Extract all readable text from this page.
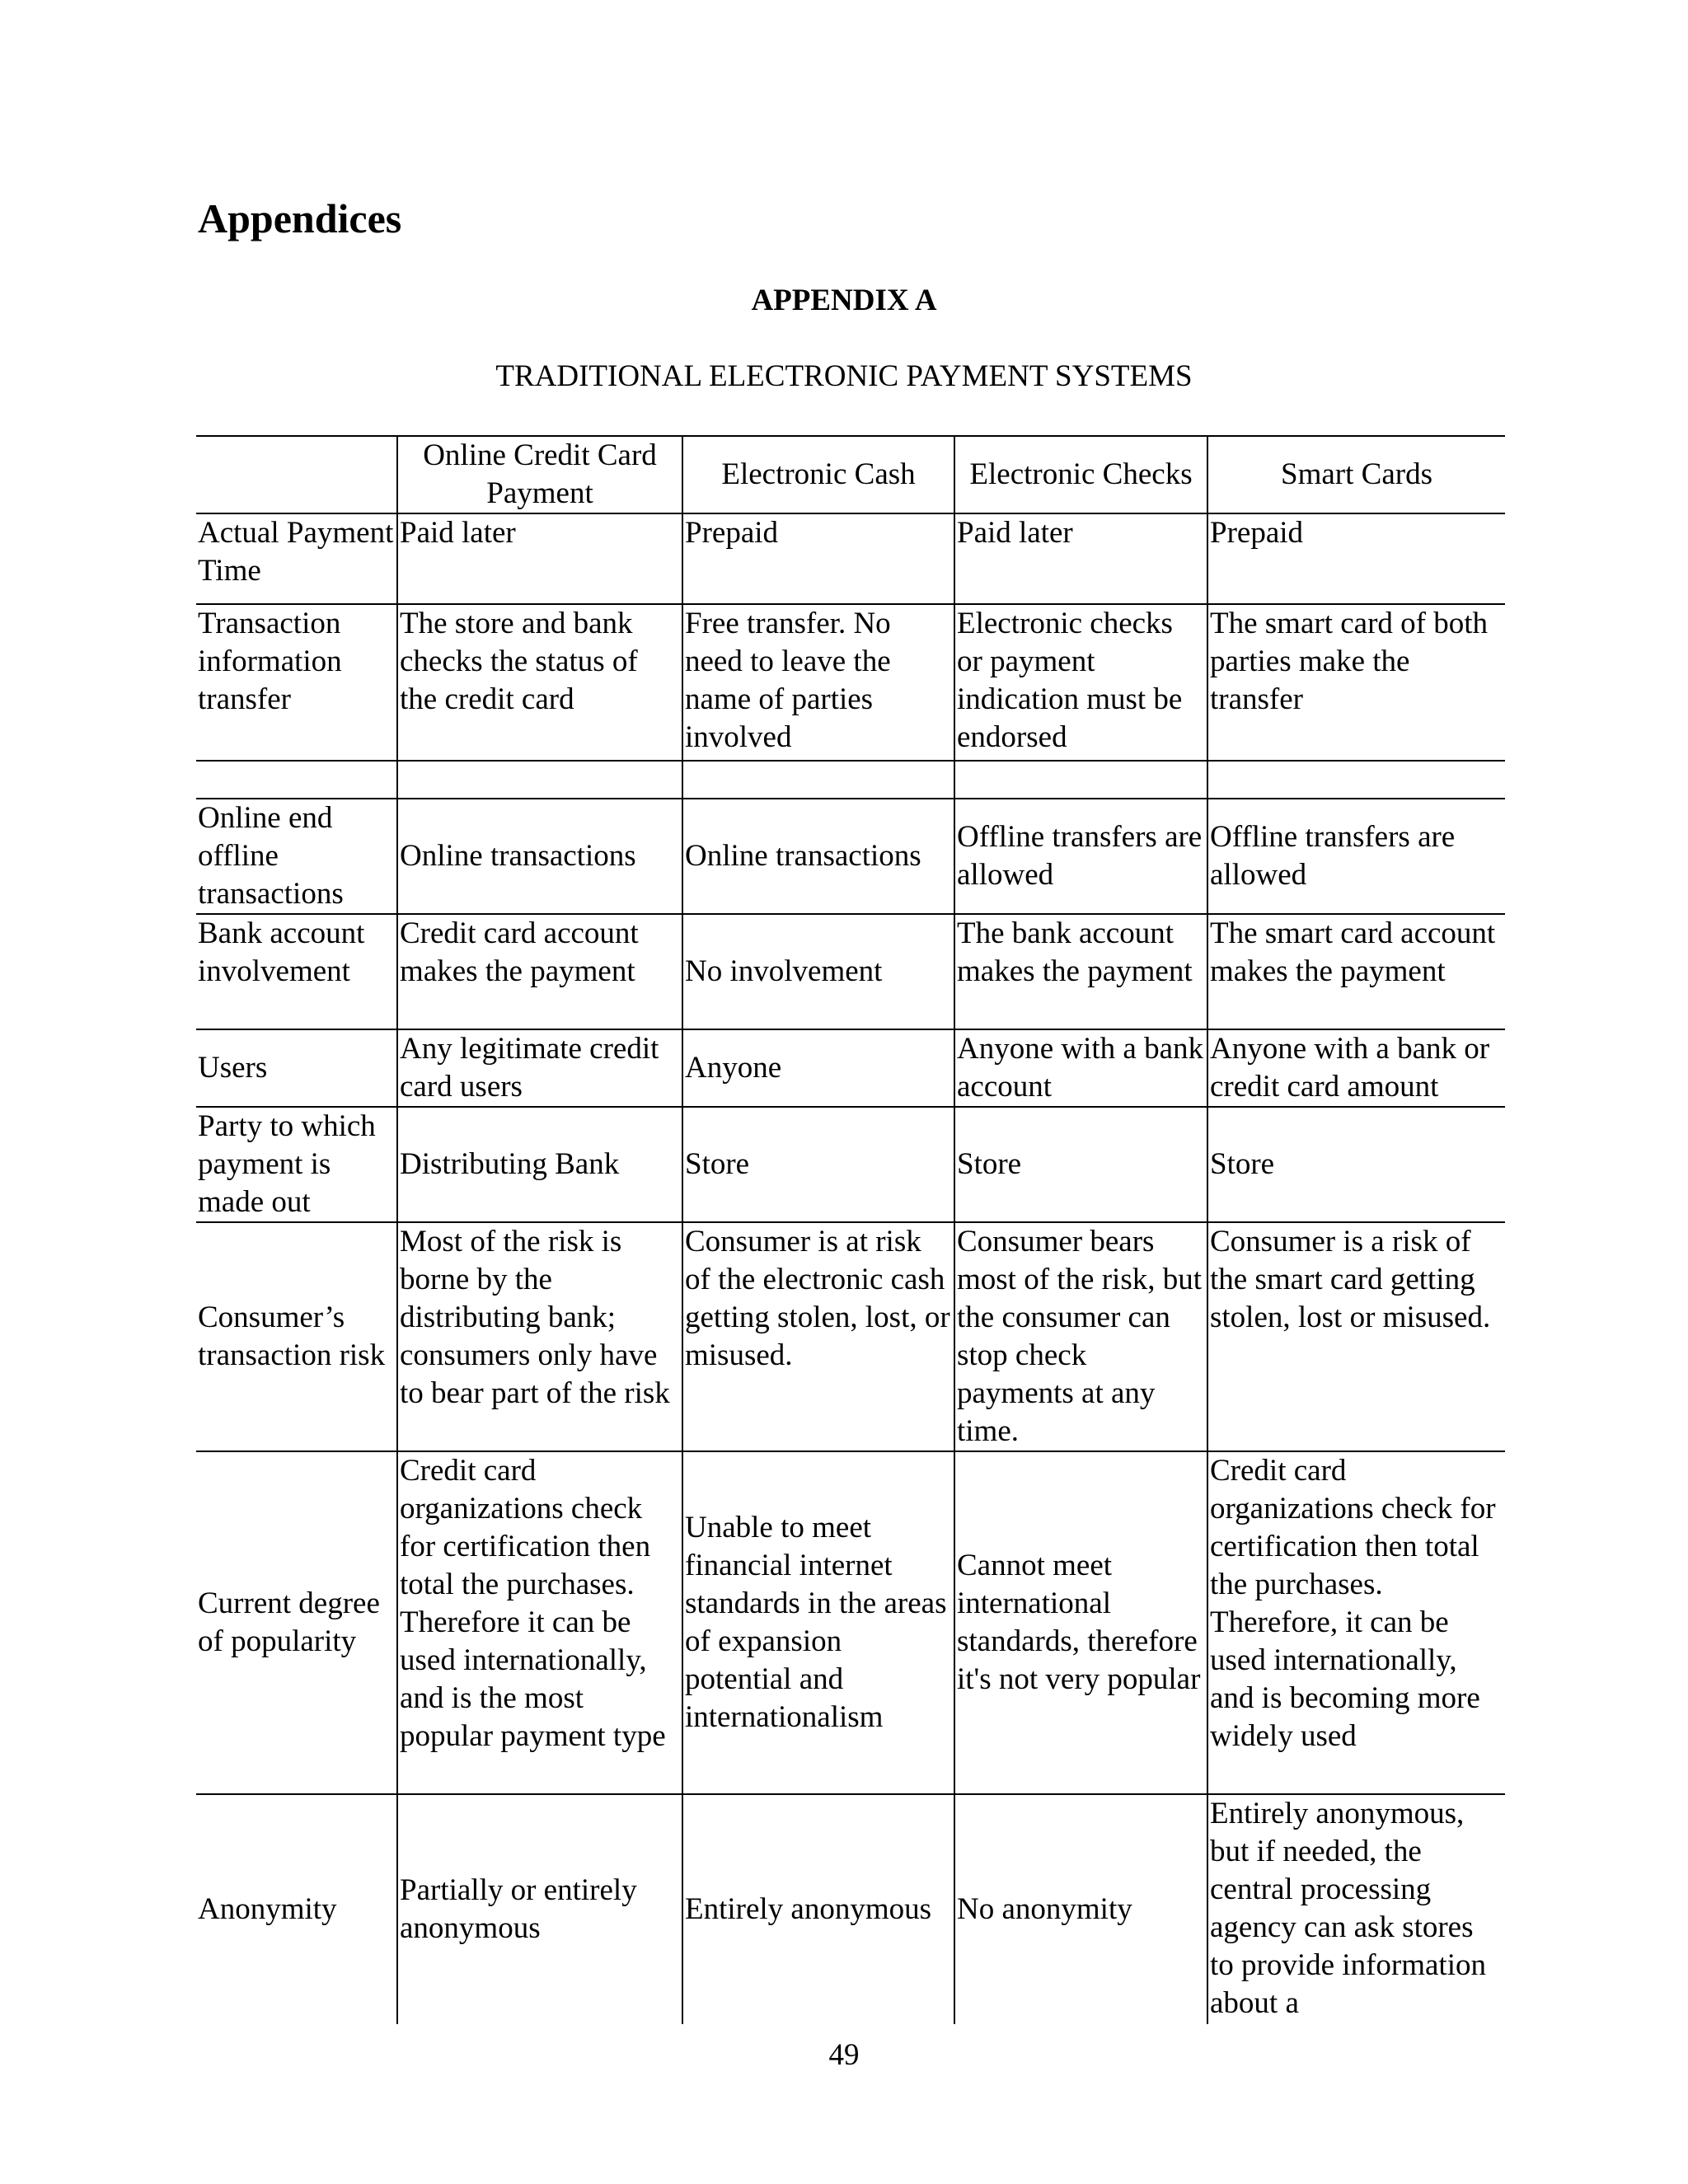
Appendices
APPENDIX A
TRADITIONAL ELECTRONIC PAYMENT SYSTEMS
	Online Credit Card Payment	Electronic Cash	Electronic Checks	Smart Cards
Actual Payment Time	Paid later	Prepaid	Paid later	Prepaid
Transaction information transfer	The store and bank checks the status of the credit card	Free transfer. No need to leave the name of parties involved	Electronic checks or payment indication must be endorsed	The smart card of both parties make the transfer

Online end offline transactions	Online transactions	Online transactions	Offline transfers are allowed	Offline transfers are allowed
Bank account involvement	Credit card account makes the payment	No involvement	The bank account makes the payment	The smart card account makes the payment
Users	Any legitimate credit card users	Anyone	Anyone with a bank account	Anyone with a bank or credit card amount
Party to which payment is made out	Distributing Bank	Store	Store	Store
Consumer’s transaction risk	Most of the risk is borne by the distributing bank; consumers only have to bear part of the risk	Consumer is at risk of the electronic cash getting stolen, lost, or misused.	Consumer bears most of the risk, but the consumer can stop check payments at any time.	Consumer is a risk of the smart card getting stolen, lost or misused.
Current degree of popularity	Credit card organizations check for certification then total the purchases. Therefore it can be used internationally, and is the most popular payment type	Unable to meet financial internet standards in the areas of expansion potential and internationalism	Cannot meet international standards, therefore it's not very popular	Credit card organizations check for certification then total the purchases. Therefore, it can be used internationally, and is becoming more widely used
Anonymity	Partially or entirely anonymous	Entirely anonymous	No anonymity	Entirely anonymous, but if needed, the central processing agency can ask stores to provide information about a
49
